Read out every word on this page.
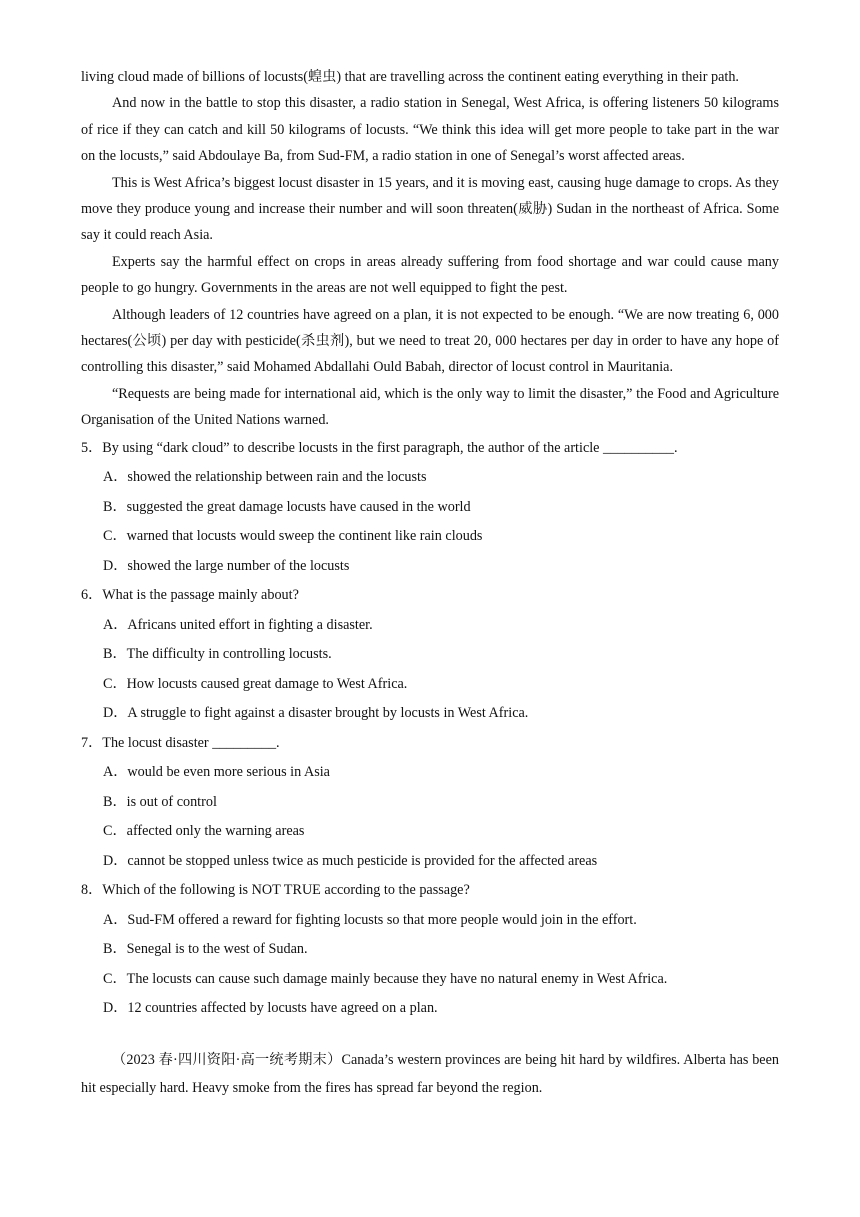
living cloud made of billions of locusts(蝗虫) that are travelling across the continent eating everything in their path.

And now in the battle to stop this disaster, a radio station in Senegal, West Africa, is offering listeners 50 kilograms of rice if they can catch and kill 50 kilograms of locusts. “We think this idea will get more people to take part in the war on the locusts,” said Abdoulaye Ba, from Sud-FM, a radio station in one of Senegal’s worst affected areas.

This is West Africa’s biggest locust disaster in 15 years, and it is moving east, causing huge damage to crops. As they move they produce young and increase their number and will soon threaten(威胁) Sudan in the northeast of Africa. Some say it could reach Asia.

Experts say the harmful effect on crops in areas already suffering from food shortage and war could cause many people to go hungry. Governments in the areas are not well equipped to fight the pest.

Although leaders of 12 countries have agreed on a plan, it is not expected to be enough. “We are now treating 6, 000 hectares(公顷) per day with pesticide(杀虫剂), but we need to treat 20, 000 hectares per day in order to have any hope of controlling this disaster,” said Mohamed Abdallahi Ould Babah, director of locust control in Mauritania.

“Requests are being made for international aid, which is the only way to limit the disaster,” the Food and Agriculture Organisation of the United Nations warned.

5．By using “dark cloud” to describe locusts in the first paragraph, the author of the article __________.

A．showed the relationship between rain and the locusts

B．suggested the great damage locusts have caused in the world

C．warned that locusts would sweep the continent like rain clouds

D．showed the large number of the locusts

6．What is the passage mainly about?

A．Africans united effort in fighting a disaster.

B．The difficulty in controlling locusts.

C．How locusts caused great damage to West Africa.

D．A struggle to fight against a disaster brought by locusts in West Africa.

7．The locust disaster _________.

A．would be even more serious in Asia

B．is out of control

C．affected only the warning areas

D．cannot be stopped unless twice as much pesticide is provided for the affected areas

8．Which of the following is NOT TRUE according to the passage?

A．Sud-FM offered a reward for fighting locusts so that more people would join in the effort.

B．Senegal is to the west of Sudan.

C．The locusts can cause such damage mainly because they have no natural enemy in West Africa.

D．12 countries affected by locusts have agreed on a plan.

（2023 春·四川资阳·高一统考期末）Canada’s western provinces are being hit hard by wildfires. Alberta has been hit especially hard. Heavy smoke from the fires has spread far beyond the region.
